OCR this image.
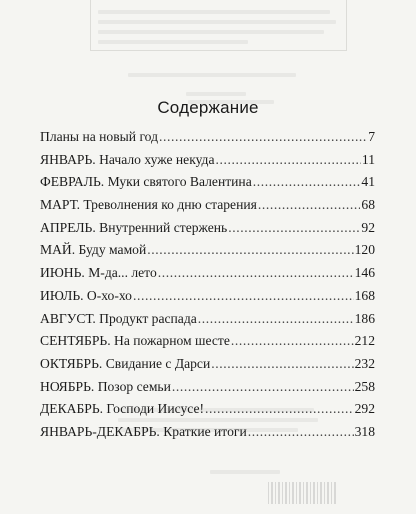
Содержание
Планы на новый год .....	7
ЯНВАРЬ. Начало хуже некуда .....	11
ФЕВРАЛЬ. Муки святого Валентина .....	41
МАРТ. Треволнения ко дню старения .....	68
АПРЕЛЬ. Внутренний стержень .....	92
МАЙ. Буду мамой .....	120
ИЮНЬ. М-да... лето .....	146
ИЮЛЬ. О-хо-хо .....	168
АВГУСТ. Продукт распада .....	186
СЕНТЯБРЬ. На пожарном шесте .....	212
ОКТЯБРЬ. Свидание с Дарси .....	232
НОЯБРЬ. Позор семьи .....	258
ДЕКАБРЬ. Господи Иисусе! .....	292
ЯНВАРЬ-ДЕКАБРЬ. Краткие итоги .....	318
